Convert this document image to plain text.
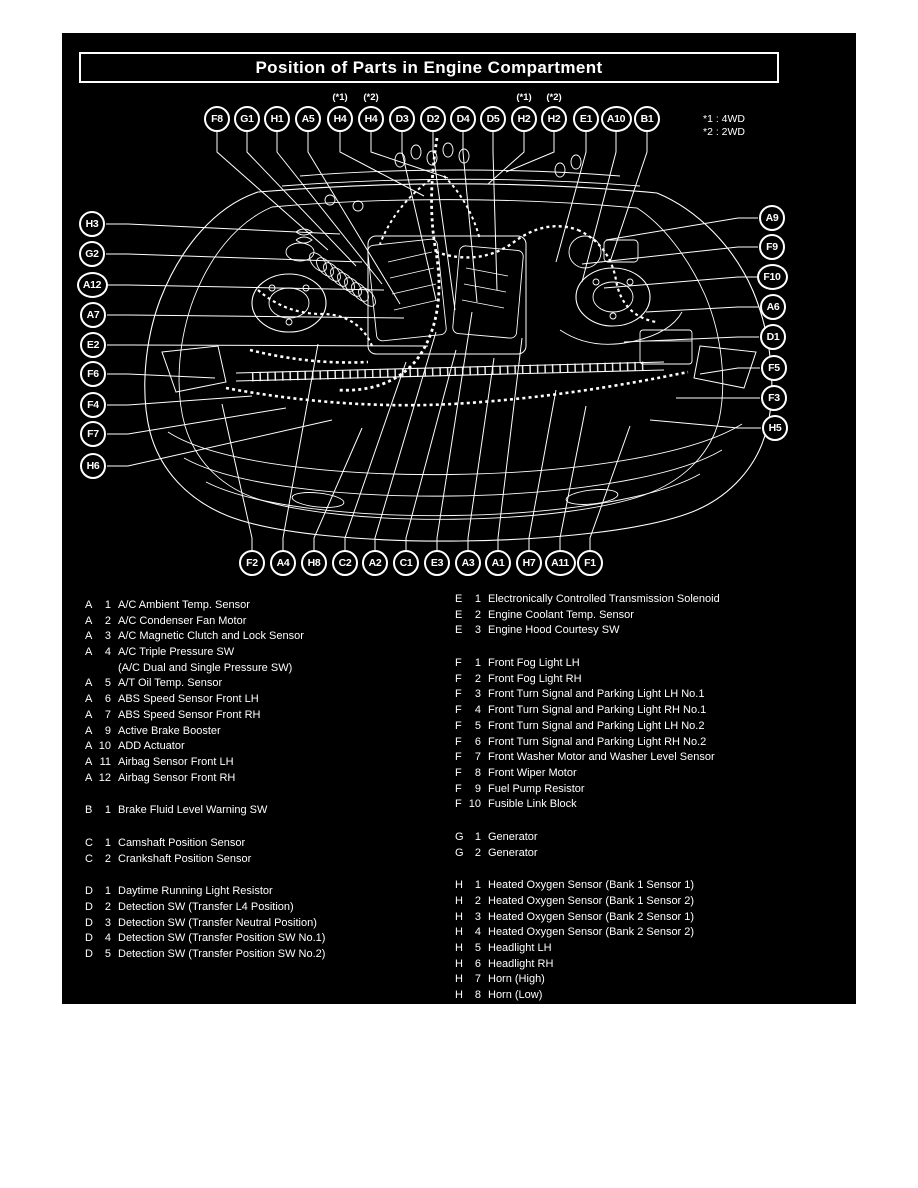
Position of Parts in Engine Compartment
*1 : 4WD
*2 : 2WD
F8	G1	H1	A5	H4
(*1)
H4
(*2)
D3	D2	D4	D5	H2
(*1)
H2
(*2)
E1	A10	B1
H3
G2
A12
A7
E2
F6
F4
F7
H6
A9
F9
F10
A6
D1
F5
F3
H5
F2	A4	H8	C2	A2	C1	E3	A3	A1	H7	A11	F1
A	1 A/C Ambient Temp. Sensor
A	2 A/C Condenser Fan Motor
A	3 A/C Magnetic Clutch and Lock Sensor
A	4 A/C Triple Pressure SW
(A/C Dual and Single Pressure SW)
A	5 A/T Oil Temp. Sensor
A	6 ABS Speed Sensor Front LH
A	7 ABS Speed Sensor Front RH
A	9 Active Brake Booster
A 10 ADD Actuator
A 11 Airbag Sensor Front LH
A 12 Airbag Sensor Front RH
B	1 Brake Fluid Level Warning SW
C	1 Camshaft Position Sensor
C	2 Crankshaft Position Sensor
D	1 Daytime Running Light Resistor
D	2 Detection SW (Transfer L4 Position)
D	3 Detection SW (Transfer Neutral Position)
D	4 Detection SW (Transfer Position SW No.1)
D	5 Detection SW (Transfer Position SW No.2)
E	1 Electronically Controlled Transmission Solenoid
E	2 Engine Coolant Temp. Sensor
E	3 Engine Hood Courtesy SW
F	1 Front Fog Light LH
F	2 Front Fog Light RH
F	3 Front Turn Signal and Parking Light LH No.1
F	4 Front Turn Signal and Parking Light RH No.1
F	5 Front Turn Signal and Parking Light LH No.2
F	6 Front Turn Signal and Parking Light RH No.2
F	7 Front Washer Motor and Washer Level Sensor
F	8 Front Wiper Motor
F	9 Fuel Pump Resistor
F 10 Fusible Link Block
G	1 Generator
G	2 Generator
H	1 Heated Oxygen Sensor (Bank 1 Sensor 1)
H	2 Heated Oxygen Sensor (Bank 1 Sensor 2)
H	3 Heated Oxygen Sensor (Bank 2 Sensor 1)
H	4 Heated Oxygen Sensor (Bank 2 Sensor 2)
H	5 Headlight LH
H	6 Headlight RH
H	7 Horn (High)
H	8 Horn (Low)
